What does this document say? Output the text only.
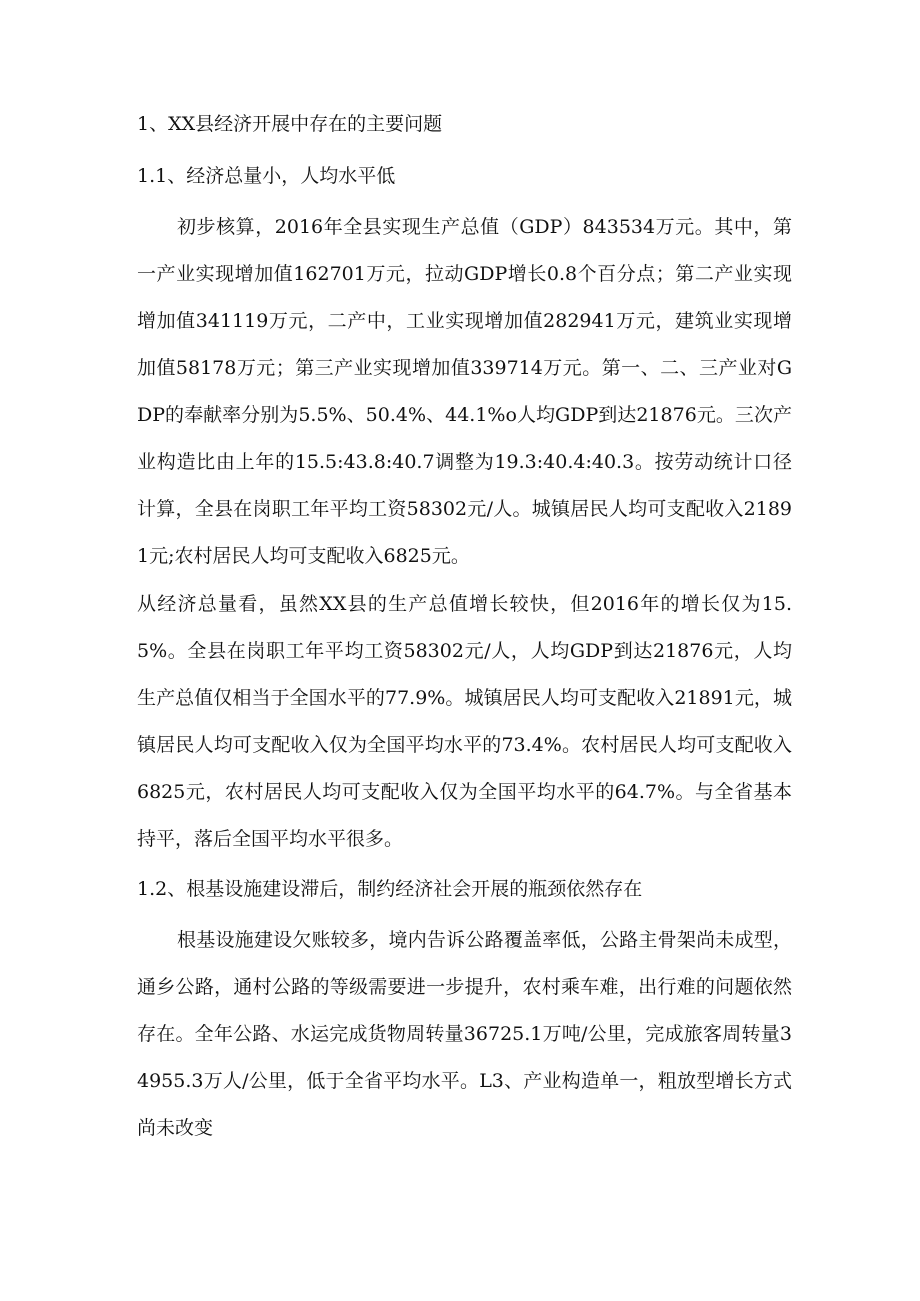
1、XX县经济开展中存在的主要问题

1.1、经济总量小，人均水平低

初步核算，2016年全县实现生产总值（GDP）843534万元。其中，第一产业实现增加值162701万元，拉动GDP增长0.8个百分点；第二产业实现增加值341119万元，二产中，工业实现增加值282941万元，建筑业实现增加值58178万元；第三产业实现增加值339714万元。第一、二、三产业对GDP的奉献率分别为5.5%、50.4%、44.1%o人均GDP到达21876元。三次产业构造比由上年的15.5:43.8:40.7调整为19.3:40.4:40.3。按劳动统计口径计算，全县在岗职工年平均工资58302元/人。城镇居民人均可支配收入21891元;农村居民人均可支配收入6825元。

从经济总量看，虽然XX县的生产总值增长较快，但2016年的增长仅为15.5%。全县在岗职工年平均工资58302元/人，人均GDP到达21876元，人均生产总值仅相当于全国水平的77.9%。城镇居民人均可支配收入21891元，城镇居民人均可支配收入仅为全国平均水平的73.4%。农村居民人均可支配收入6825元，农村居民人均可支配收入仅为全国平均水平的64.7%。与全省基本持平，落后全国平均水平很多。

1.2、根基设施建设滞后，制约经济社会开展的瓶颈依然存在

根基设施建设欠账较多，境内告诉公路覆盖率低，公路主骨架尚未成型，通乡公路，通村公路的等级需要进一步提升，农村乘车难，出行难的问题依然存在。全年公路、水运完成货物周转量36725.1万吨/公里，完成旅客周转量34955.3万人/公里，低于全省平均水平。L3、产业构造单一，粗放型增长方式尚未改变
